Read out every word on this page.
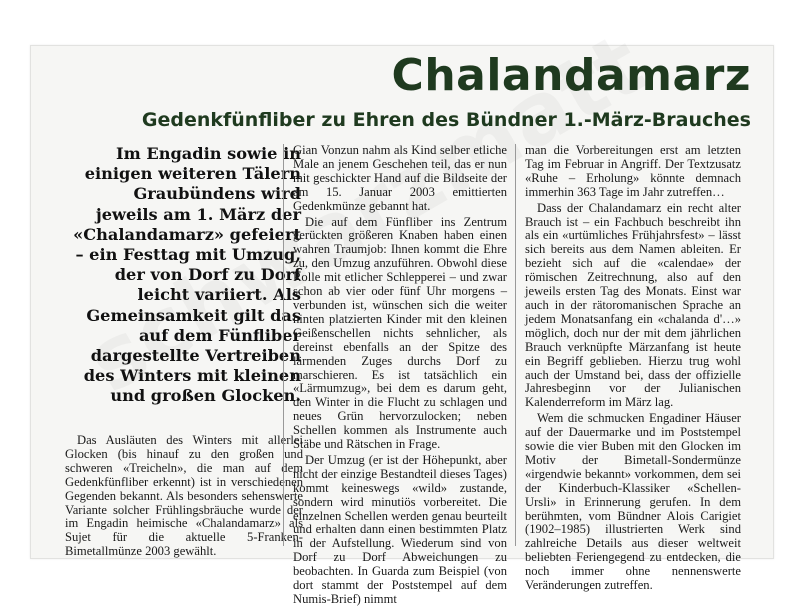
Chalandamarz
Gedenkfünfliber zu Ehren des Bündner 1.-März-Brauches

Im Engadin sowie in einigen weiteren Tälern Graubündens wird jeweils am 1. März der «Chalandamarz» gefeiert – ein Festtag mit Umzug, der von Dorf zu Dorf leicht variiert. Als Gemeinsamkeit gilt das auf dem Fünfliber dargestellte Vertreiben des Winters mit kleinen und großen Glocken.

Das Ausläuten des Winters mit allerlei Glocken (bis hinauf zu den großen und schweren «Treicheln», die man auf dem Gedenkfünfliber erkennt) ist in verschiedenen Gegenden bekannt. Als besonders sehenswerte Variante solcher Frühlingsbräuche wurde der im Engadin heimische «Chalandamarz» als Sujet für die aktuelle 5-Franken-Bimetallmünze 2003 gewählt.

Gian Vonzun nahm als Kind selber etliche Male an jenem Geschehen teil, das er nun mit geschickter Hand auf die Bildseite der am 15. Januar 2003 emittierten Gedenkmünze gebannt hat.

Die auf dem Fünfliber ins Zentrum gerückten größeren Knaben haben einen wahren Traumjob: Ihnen kommt die Ehre zu, den Umzug anzuführen. Obwohl diese Rolle mit etlicher Schlepperei – und zwar schon ab vier oder fünf Uhr morgens – verbunden ist, wünschen sich die weiter hinten platzierten Kinder mit den kleinen Geißenschellen nichts sehnlicher, als dereinst ebenfalls an der Spitze des lärmenden Zuges durchs Dorf zu marschieren. Es ist tatsächlich ein «Lärmumzug», bei dem es darum geht, den Winter in die Flucht zu schlagen und neues Grün hervorzulocken; neben Schellen kommen als Instrumente auch Stäbe und Rätschen in Frage.

Der Umzug (er ist der Höhepunkt, aber nicht der einzige Bestandteil dieses Tages) kommt keineswegs «wild» zustande, sondern wird minutiös vorbereitet. Die einzelnen Schellen werden genau beurteilt und erhalten dann einen bestimmten Platz in der Aufstellung. Wiederum sind von Dorf zu Dorf Abweichungen zu beobachten. In Guarda zum Beispiel (von dort stammt der Poststempel auf dem Numis-Brief) nimmt

man die Vorbereitungen erst am letzten Tag im Februar in Angriff. Der Textzusatz «Ruhe – Erholung» könnte demnach immerhin 363 Tage im Jahr zutreffen…

Dass der Chalandamarz ein recht alter Brauch ist – ein Fachbuch beschreibt ihn als ein «urtümliches Frühjahrsfest» – lässt sich bereits aus dem Namen ableiten. Er bezieht sich auf die «calendae» der römischen Zeitrechnung, also auf den jeweils ersten Tag des Monats. Einst war auch in der rätoromanischen Sprache an jedem Monatsanfang ein «chalanda d'…» möglich, doch nur der mit dem jährlichen Brauch verknüpfte Märzanfang ist heute ein Begriff geblieben. Hierzu trug wohl auch der Umstand bei, dass der offizielle Jahresbeginn vor der Julianischen Kalenderreform im März lag.

Wem die schmucken Engadiner Häuser auf der Dauermarke und im Poststempel sowie die vier Buben mit den Glocken im Motiv der Bimetall-Sondermünze «irgendwie bekannt» vorkommen, dem sei der Kinderbuch-Klassiker «Schellen-Ursli» in Erinnerung gerufen. In dem berühmten, vom Bündner Alois Carigiet (1902–1985) illustrierten Werk sind zahlreiche Details aus dieser weltweit beliebten Feriengegend zu entdecken, die noch immer ohne nennenswerte Veränderungen zutreffen.
